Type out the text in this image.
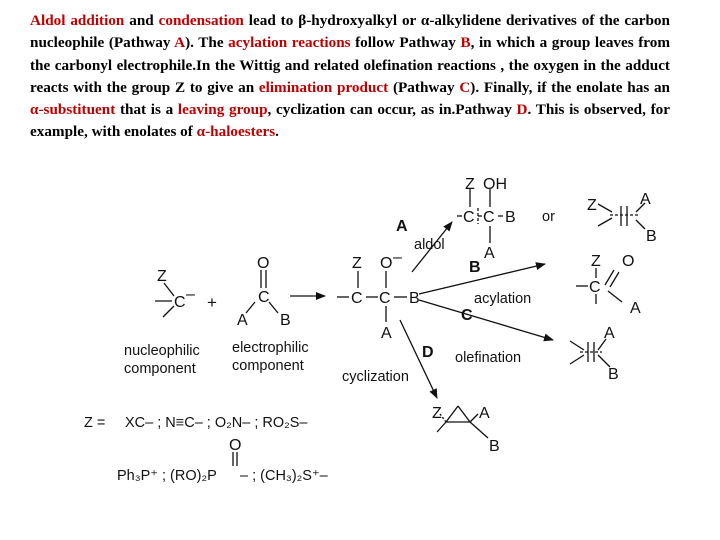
Aldol addition and condensation lead to β-hydroxyalkyl or α-alkylidene derivatives of the carbon nucleophile (Pathway A). The acylation reactions follow Pathway B, in which a group leaves from the carbonyl electrophile.In the Wittig and related olefination reactions , the oxygen in the adduct reacts with the group Z to give an elimination product (Pathway C). Finally, if the enolate has an α-substituent that is a leaving group, cyclization can occur, as in.Pathway D. This is observed, for example, with enolates of α-haloesters.

Z
C – +
O
C
A B
Z O –
C C B
A
Z OH
C C B
A
or
Z	A
B
Z
C
O
A
A
B
Z A
B
A
aldol
B
acylation
C
D olefination
cyclization
nucleophilic
component
electrophilic
component
Z = XC– ; N≡C– ; O₂N– ; RO₂S–
O
Ph₃P⁺ ; (RO)₂P – ; (CH₃)₂S⁺–
